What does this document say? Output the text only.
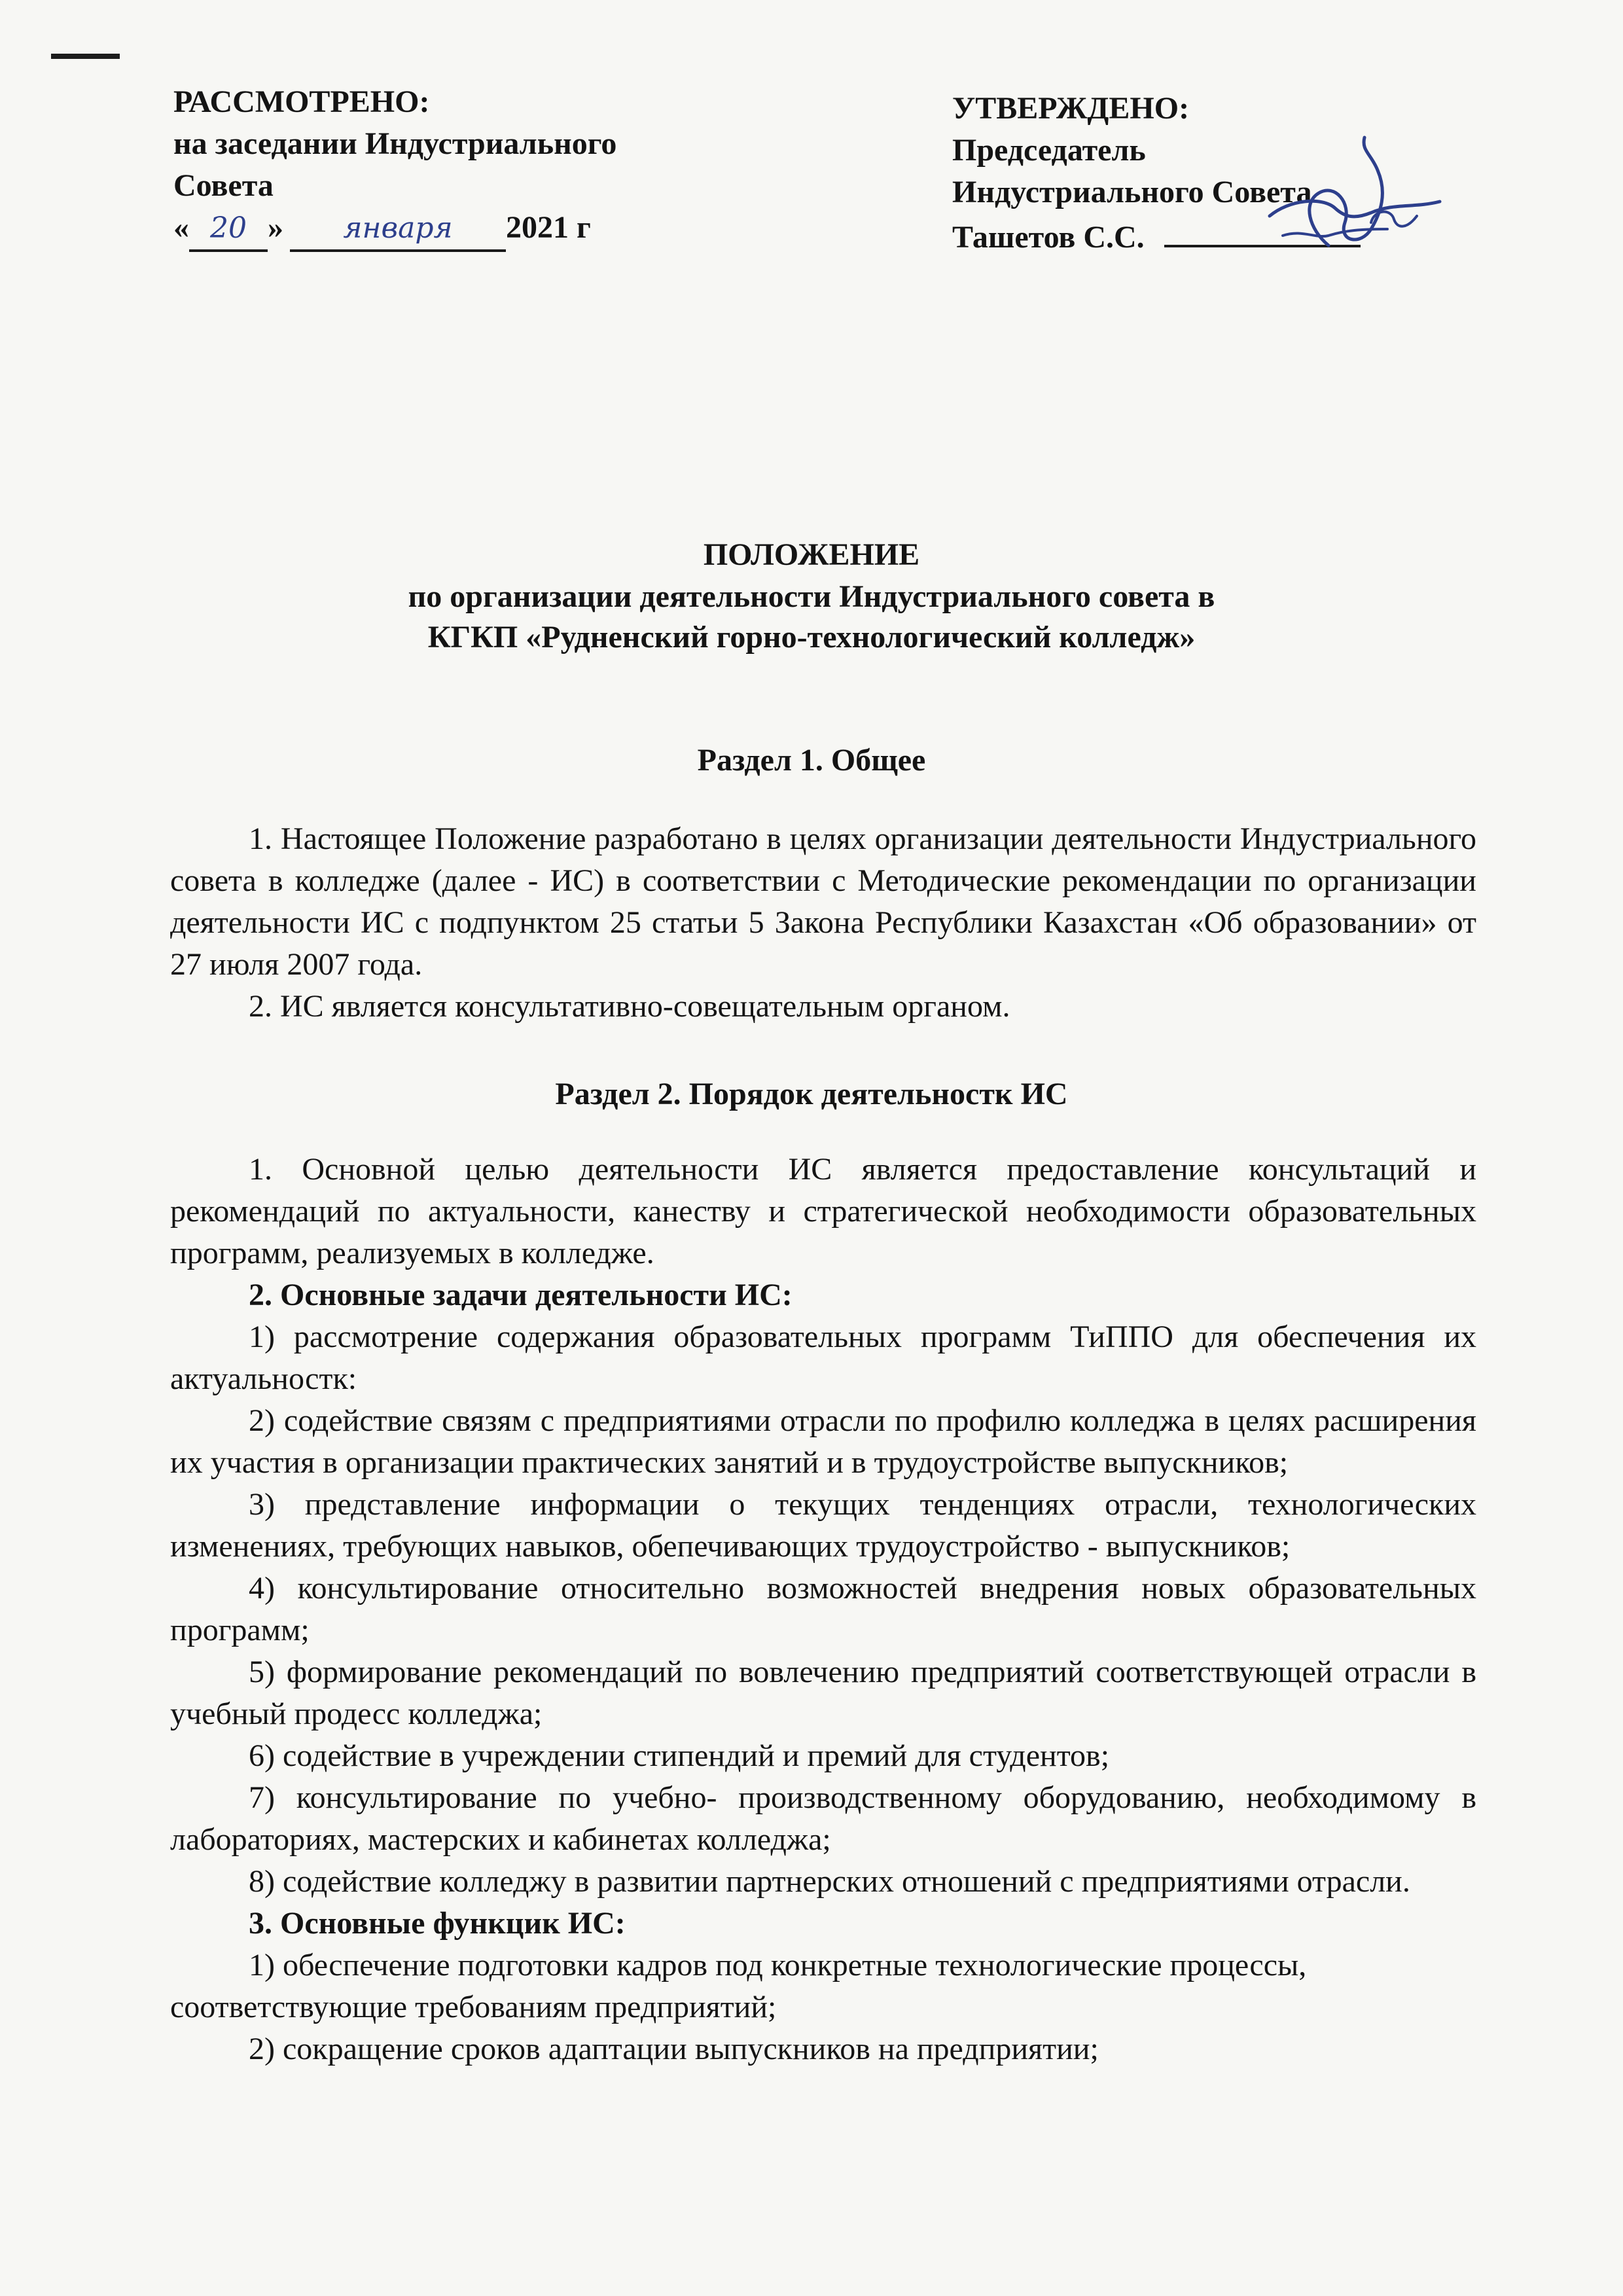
РАССМОТРЕНО:
на заседании Индустриального
Совета
« 20 »	января	2021 г
УТВЕРЖДЕНО:
Председатель
Индустриального Совета
Ташетов С.С.
ПОЛОЖЕНИЕ
по организации деятельности Индустриального совета в
КГКП «Рудненский горно-технологический колледж»
Раздел 1. Общее

1. Настоящее Положение разработано в целях организации деятельности Индустриального совета в колледже (далее - ИС) в соответствии с Методические рекомендации по организации деятельности ИС с подпунктом 25 статьи 5 Закона Республики Казахстан «Об образовании» от 27 июля 2007 года.

2. ИС является консультативно-совещательным органом.

Раздел 2. Порядок деятельностк ИС

1. Основной целью деятельности ИС является предоставление консультаций и рекомендаций по актуальности, канеству и стратегической необходимости образовательных программ, реализуемых в колледже.

2. Основные задачи деятельности ИС:

1) рассмотрение содержания образовательных программ ТиППО для обеспечения их актуальностк:

2) содействие связям с предприятиями отрасли по профилю колледжа в целях расширения их участия в организации практических занятий и в трудоустройстве выпускников;

3) представление информации о текущих тенденциях отрасли, технологических изменениях, требующих навыков, обепечивающих трудоустройство - выпускников;

4) консультирование относительно возможностей внедрения новых образовательных программ;

5) формирование рекомендаций по вовлечению предприятий соответствующей отрасли в учебный продесс колледжа;

6) содействие в учреждении стипендий и премий для студентов;

7) консультирование по учебно- производственному оборудованию, необходимому в лабораториях, мастерских и кабинетах колледжа;

8) содействие колледжу в развитии партнерских отношений с предприятиями отрасли.

3. Основные функцик ИС:

1) обеспечение подготовки кадров под конкретные технологические процессы, соответствующие требованиям предприятий;

2) сокращение сроков адаптации выпускников на предприятии;
